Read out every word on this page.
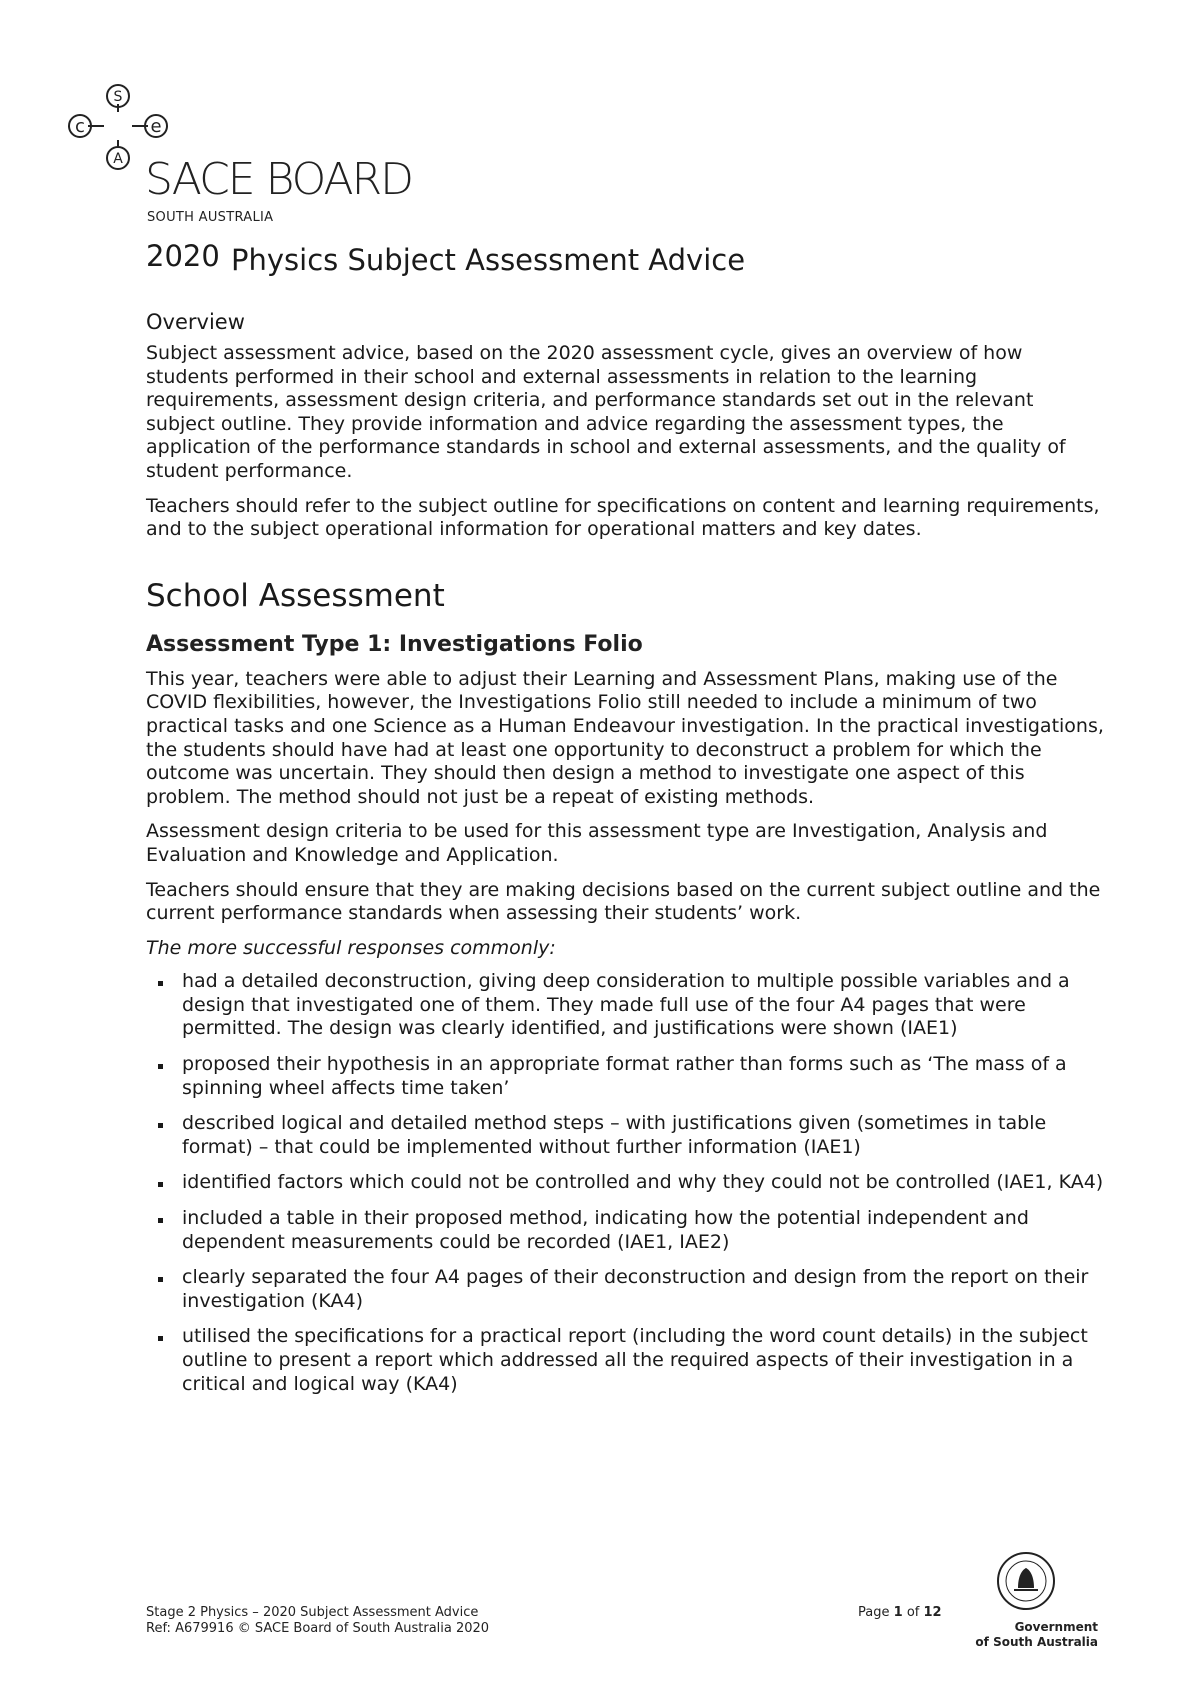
S
c	e
A SACE BOARD
SOUTH AUSTRALIA
2020 Physics Subject Assessment Advice
Overview

Subject assessment advice, based on the 2020 assessment cycle, gives an overview of how students performed in their school and external assessments in relation to the learning requirements, assessment design criteria, and performance standards set out in the relevant subject outline. They provide information and advice regarding the assessment types, the application of the performance standards in school and external assessments, and the quality of student performance.

Teachers should refer to the subject outline for specifications on content and learning requirements, and to the subject operational information for operational matters and key dates.

School Assessment
Assessment Type 1: Investigations Folio

This year, teachers were able to adjust their Learning and Assessment Plans, making use of the COVID flexibilities, however, the Investigations Folio still needed to include a minimum of two practical tasks and one Science as a Human Endeavour investigation. In the practical investigations, the students should have had at least one opportunity to deconstruct a problem for which the outcome was uncertain. They should then design a method to investigate one aspect of this problem. The method should not just be a repeat of existing methods.

Assessment design criteria to be used for this assessment type are Investigation, Analysis and Evaluation and Knowledge and Application.

Teachers should ensure that they are making decisions based on the current subject outline and the current performance standards when assessing their students’ work.

The more successful responses commonly:

had a detailed deconstruction, giving deep consideration to multiple possible variables and a design that investigated one of them. They made full use of the four A4 pages that were permitted. The design was clearly identified, and justifications were shown (IAE1)
proposed their hypothesis in an appropriate format rather than forms such as ‘The mass of a spinning wheel affects time taken’
described logical and detailed method steps – with justifications given (sometimes in table format) – that could be implemented without further information (IAE1)
identified factors which could not be controlled and why they could not be controlled (IAE1, KA4)
included a table in their proposed method, indicating how the potential independent and dependent measurements could be recorded (IAE1, IAE2)
clearly separated the four A4 pages of their deconstruction and design from the report on their investigation (KA4)
utilised the specifications for a practical report (including the word count details) in the subject outline to present a report which addressed all the required aspects of their investigation in a critical and logical way (KA4)
Stage 2 Physics – 2020 Subject Assessment Advice
Ref: A679916 © SACE Board of South Australia 2020
Page 1 of 12
Government
of South Australia
